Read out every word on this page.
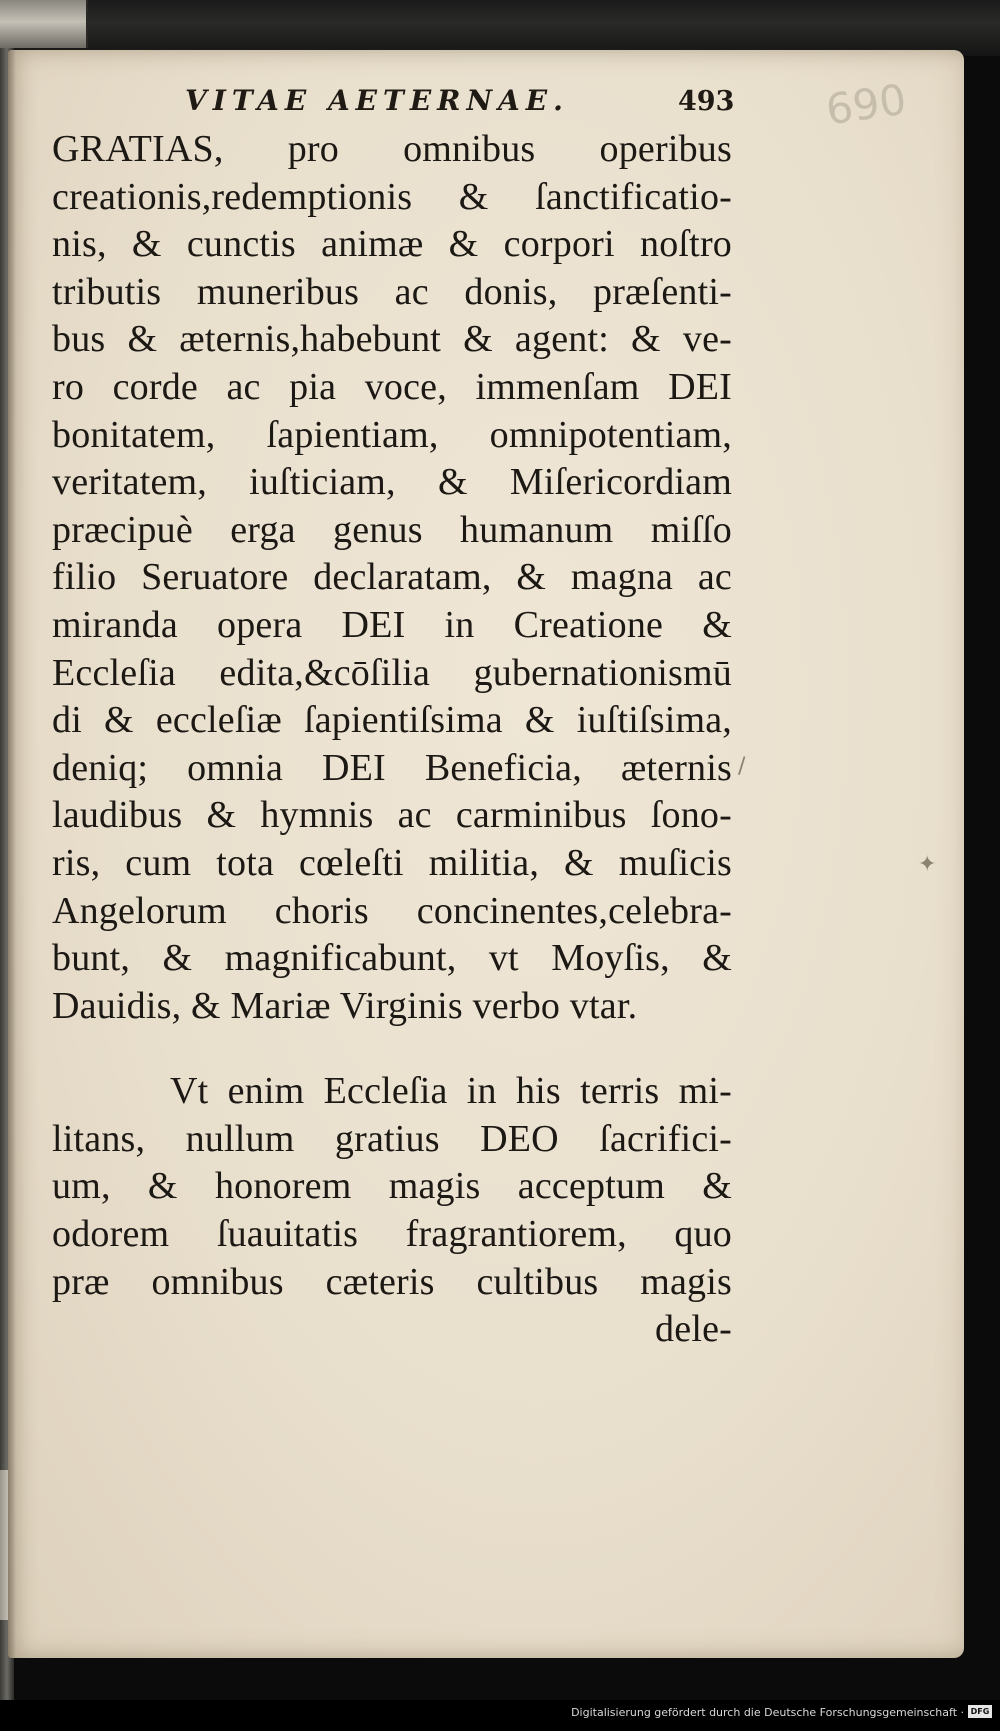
VITAE AETERNAE.	493 690
GRATIAS, pro omnibus operibus
creationis,redemptionis & ſanctificatio-
nis, & cunctis animæ & corpori noſtro
tributis muneribus ac donis, præſenti-
bus & æternis,habebunt & agent: & ve-
ro corde ac pia voce, immenſam DEI
bonitatem, ſapientiam, omnipotentiam,
veritatem, iuſticiam, & Miſericordiam
præcipuè erga genus humanum miſſo
filio Seruatore declaratam, & magna ac
miranda opera DEI in Creatione &
Eccleſia edita,&cōſilia gubernationismū
di & eccleſiæ ſapientiſsima & iuſtiſsima,
deniq; omnia DEI Beneficia, æternis
laudibus & hymnis ac carminibus ſono-
ris, cum tota cœleſti militia, & muſicis
Angelorum choris concinentes,celebra-
bunt, & magnificabunt, vt Moyſis, &
Dauidis, & Mariæ Virginis verbo vtar.
Vt enim Eccleſia in his terris mi-
litans, nullum gratius DEO ſacrifici-
um, & honorem magis acceptum &
odorem ſuauitatis fragrantiorem, quo
præ omnibus cæteris cultibus magis
dele-
✦
/
Digitalisierung gefördert durch die Deutsche Forschungsgemeinschaft · DFG
